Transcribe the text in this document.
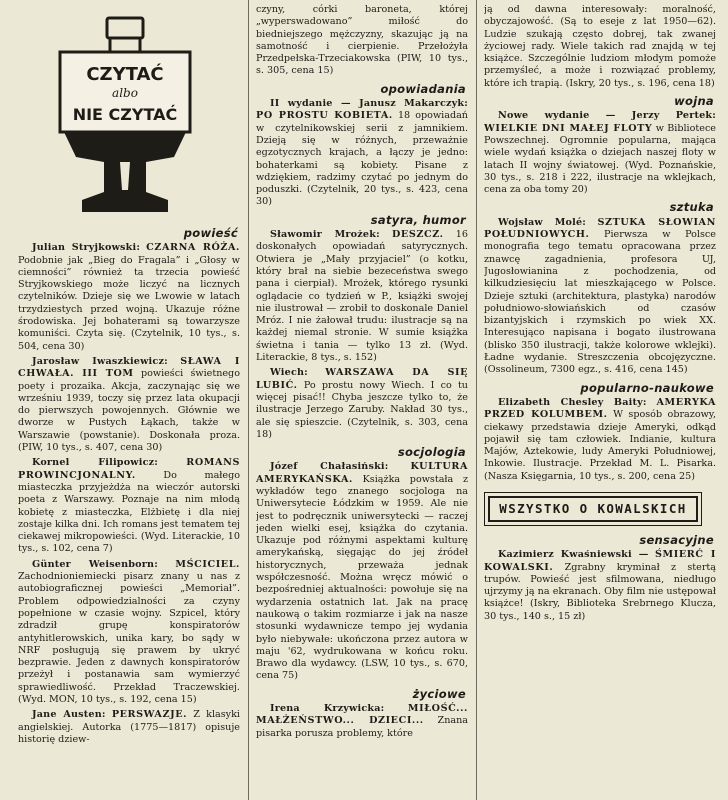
CZYTAĆ
albo
NIE CZYTAĆ
powieść

Julian Stryjkowski: CZARNA RÓŻA. Podobnie jak „Bieg do Fragala” i „Głosy w ciemności” również ta trzecia powieść Stryjkowskiego może liczyć na licznych czytelników. Dzieje się we Lwowie w latach trzydziestych przed wojną. Ukazuje różne środowiska. Jej bohaterami są towarzysze komuniści. Czyta się. (Czytelnik, 10 tys., s. 504, cena 30)

Jarosław Iwaszkiewicz: SŁAWA I CHWAŁA. III TOM powieści świetnego poety i prozaika. Akcja, zaczynając się we wrześniu 1939, toczy się przez lata okupacji do pierwszych powojennych. Głównie we dworze w Pustych Łąkach, także w Warszawie (powstanie). Doskonała proza. (PIW, 10 tys., s. 407, cena 30)

Kornel Filipowicz:	ROMANS PROWINCJONALNY.	Do małego miasteczka przyjeżdża na wieczór autorski poeta z Warszawy. Poznaje na nim młodą kobietę z miasteczka, Elżbietę i dla niej zostaje kilka dni. Ich romans jest tematem tej ciekawej mikropowieści. (Wyd. Literackie, 10 tys., s. 102, cena 7)

Günter Weisenborn: MŚCICIEL. Zachodnioniemiecki pisarz znany u nas z autobiograficznej powieści „Memoriał”. Problem odpowiedzialności za czyny popełnione w czasie wojny. Szpicel, który zdradził grupę konspiratorów antyhitlerowskich, unika kary, bo sądy w NRF posługują się prawem by ukryć bezprawie. Jeden z dawnych konspiratorów przeżył i postanawia sam wymierzyć sprawiedliwość. Przekład Traczewskiej. (Wyd. MON, 10 tys., s. 192, cena 15)

Jane Austen: PERSWAZJE. Z klasyki angielskiej. Autorka (1775—1817) opisuje historię dziew-

czyny, córki baroneta, której „wyperswadowano” miłość do biedniejszego mężczyzny, skazując ją na samotność i cierpienie. Przełożyła Przedpełska-Trzeciakowska (PIW, 10 tys., s. 305, cena 15)

opowiadania

II wydanie — Janusz Makarczyk: PO PROSTU KOBIETA. 18 opowiadań w czytelnikowskiej serii z jamnikiem. Dzieją się w różnych, przeważnie egzotycznych krajach, a łączy je jedno: bohaterkami są kobiety. Pisane z wdziękiem, radzimy czytać po jednym do poduszki. (Czytelnik, 20 tys., s. 423, cena 30)

satyra, humor

Sławomir Mrożek: DESZCZ. 16 doskonałych opowiadań satyrycznych. Otwiera je „Mały przyjaciel” (o kotku, który brał na siebie bezeceństwa swego pana i cierpiał). Mrożek, którego rysunki oglądacie co tydzień w P., książki swojej nie ilustrował — zrobił to doskonale Daniel Mróz. I nie żałował trudu: ilustracje są na każdej niemal stronie. W sumie książka świetna i tania — tylko 13 zł. (Wyd. Literackie, 8 tys., s. 152)

Wiech: WARSZAWA DA SIĘ LUBIĆ. Po prostu nowy Wiech. I co tu więcej pisać!! Chyba jeszcze tylko to, że ilustracje Jerzego Zaruby. Nakład 30 tys., ale się spieszcie. (Czytelnik, s. 303, cena 18)

socjologia

Józef Chałasiński: KULTURA AMERYKAŃSKA. Książka powstała z wykładów tego znanego socjologa na Uniwersytecie Łódzkim w 1959. Ale nie jest to podręcznik uniwersytecki — raczej jeden wielki esej, książka do czytania. Ukazuje pod różnymi aspektami kulturę amerykańską, sięgając do jej źródeł historycznych, przeważa jednak współczesność. Można wręcz mówić o bezpośredniej aktualności: powołuje się na wydarzenia ostatnich lat. Jak na pracę naukową o takim rozmiarze i jak na nasze stosunki wydawnicze tempo jej wydania było niebywałe: ukończona przez autora w maju '62, wydrukowana w końcu roku. Brawo dla wydawcy. (LSW, 10 tys., s. 670, cena 75)

życiowe

Irena Krzywicka: MIŁOŚĆ... MAŁŻEŃSTWO... DZIECI... Znana pisarka porusza problemy, które

ją od dawna interesowały: moralność, obyczajowość. (Są to eseje z lat 1950—62). Ludzie szukają często dobrej, tak zwanej życiowej rady. Wiele takich rad znajdą w tej książce. Szczególnie ludziom młodym pomoże przemyśleć, a może i rozwiązać problemy, które ich trapią. (Iskry, 20 tys., s. 196, cena 18)

wojna

Nowe wydanie — Jerzy Pertek: WIELKIE DNI MAŁEJ FLOTY w Bibliotece Powszechnej. Ogromnie popularna, mająca wiele wydań książka o dziejach naszej floty w latach II wojny światowej. (Wyd. Poznańskie, 30 tys., s. 218 i 222, ilustracje na wklejkach, cena za oba tomy 20)

sztuka

Wojsław Molé: SZTUKA SŁOWIAN POŁUDNIOWYCH. Pierwsza w Polsce monografia tego tematu opracowana przez znawcę zagadnienia, profesora UJ, Jugosłowianina z pochodzenia, od kilkudziesięciu lat mieszkającego w Polsce. Dzieje sztuki (architektura, plastyka) narodów południowo-słowiańskich od czasów bizantyjskich i rzymskich po wiek XX. Interesująco napisana i bogato ilustrowana (blisko 350 ilustracji, także kolorowe wklejki). Ładne wydanie. Streszczenia obcojęzyczne. (Ossolineum, 7300 egz., s. 416, cena 145)

popularno-naukowe

Elizabeth Chesley Baity: AMERYKA PRZED KOLUMBEM. W sposób obrazowy, ciekawy przedstawia dzieje Ameryki, odkąd pojawił się tam człowiek. Indianie, kultura Majów, Aztekowie, ludy Ameryki Południowej, Inkowie. Ilustracje. Przekład M. L. Pisarka. (Nasza Księgarnia, 10 tys., s. 200, cena 25)

WSZYSTKO O KOWALSKICH
sensacyjne

Kazimierz Kwaśniewski — ŚMIERĆ I KOWALSKI. Zgrabny kryminał z stertą trupów. Powieść jest sfilmowana, niedługo ujrzymy ją na ekranach. Oby film nie ustępował książce! (Iskry, Biblioteka Srebrnego Klucza, 30 tys., 140 s., 15 zł)
